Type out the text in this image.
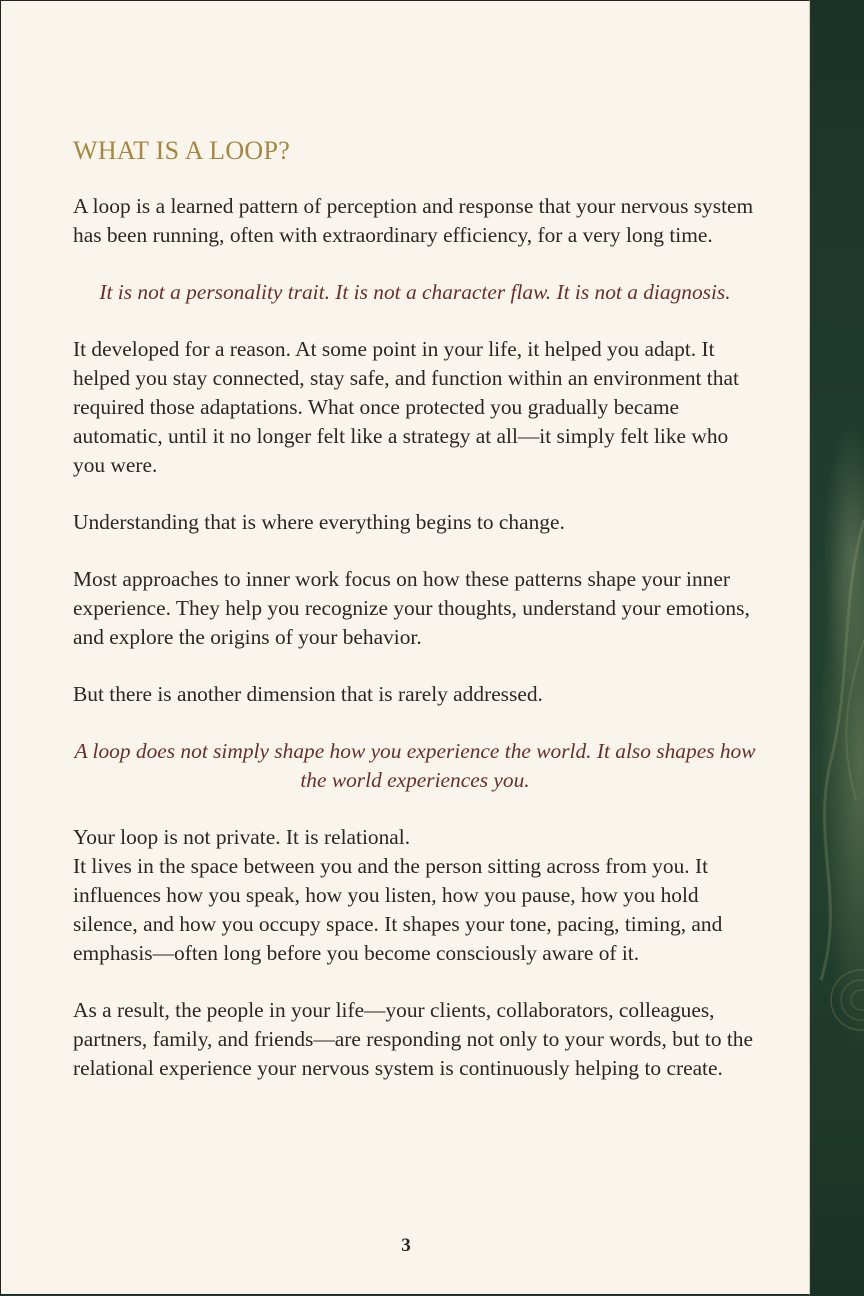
WHAT IS A LOOP?

A loop is a learned pattern of perception and response that your nervous system has been running, often with extraordinary efficiency, for a very long time.

It is not a personality trait. It is not a character flaw. It is not a diagnosis.

It developed for a reason. At some point in your life, it helped you adapt. It helped you stay connected, stay safe, and function within an environment that required those adaptations. What once protected you gradually became automatic, until it no longer felt like a strategy at all—it simply felt like who you were.

Understanding that is where everything begins to change.

Most approaches to inner work focus on how these patterns shape your inner experience. They help you recognize your thoughts, understand your emotions, and explore the origins of your behavior.

But there is another dimension that is rarely addressed.

A loop does not simply shape how you experience the world. It also shapes how the world experiences you.

Your loop is not private. It is relational.

It lives in the space between you and the person sitting across from you. It influences how you speak, how you listen, how you pause, how you hold silence, and how you occupy space. It shapes your tone, pacing, timing, and emphasis—often long before you become consciously aware of it.

As a result, the people in your life—your clients, collaborators, colleagues, partners, family, and friends—are responding not only to your words, but to the relational experience your nervous system is continuously helping to create.

3
